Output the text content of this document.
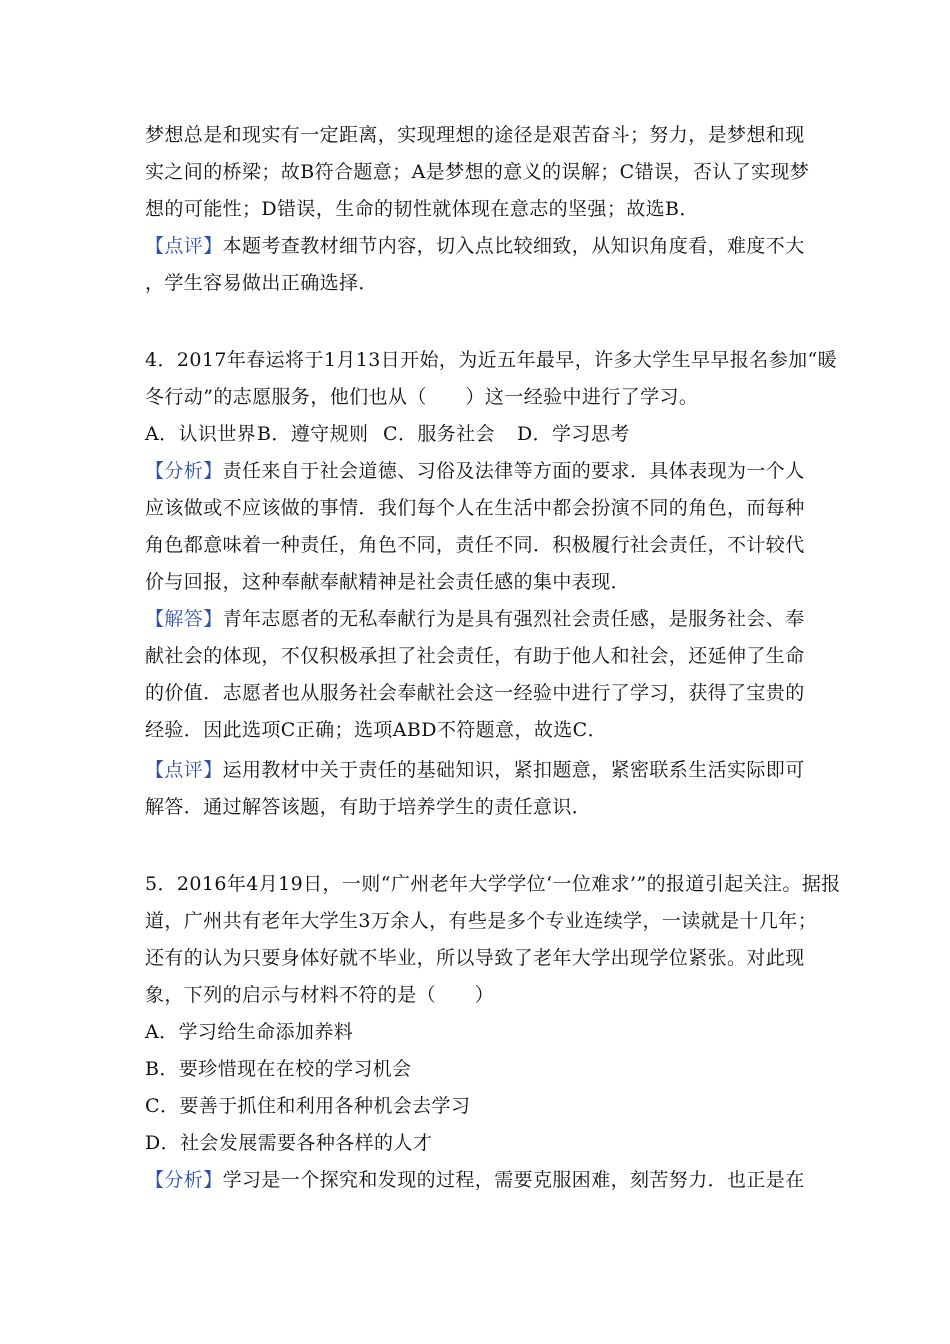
梦想总是和现实有一定距离，实现理想的途径是艰苦奋斗；努力，是梦想和现
实之间的桥梁；故B符合题意；A是梦想的意义的误解；C错误，否认了实现梦
想的可能性；D错误，生命的韧性就体现在意志的坚强；故选B．
【点评】本题考查教材细节内容，切入点比较细致，从知识角度看，难度不大
，学生容易做出正确选择．
4．2017年春运将于1月13日开始，为近五年最早，许多大学生早早报名参加“暖
冬行动”的志愿服务，他们也从（　　）这一经验中进行了学习。
A．认识世界B．遵守规则 C．服务社会 D．学习思考
【分析】责任来自于社会道德、习俗及法律等方面的要求．具体表现为一个人
应该做或不应该做的事情．我们每个人在生活中都会扮演不同的角色，而每种
角色都意味着一种责任，角色不同，责任不同．积极履行社会责任，不计较代
价与回报，这种奉献奉献精神是社会责任感的集中表现．
【解答】青年志愿者的无私奉献行为是具有强烈社会责任感，是服务社会、奉
献社会的体现，不仅积极承担了社会责任，有助于他人和社会，还延伸了生命
的价值．志愿者也从服务社会奉献社会这一经验中进行了学习，获得了宝贵的
经验．因此选项C正确；选项ABD不符题意，故选C．
【点评】运用教材中关于责任的基础知识，紧扣题意，紧密联系生活实际即可
解答．通过解答该题，有助于培养学生的责任意识．
5．2016年4月19日，一则“广州老年大学学位‘一位难求’”的报道引起关注。据报
道，广州共有老年大学生3万余人，有些是多个专业连续学，一读就是十几年；
还有的认为只要身体好就不毕业，所以导致了老年大学出现学位紧张。对此现
象，下列的启示与材料不符的是（　　）
A．学习给生命添加养料
B．要珍惜现在在校的学习机会
C．要善于抓住和利用各种机会去学习
D．社会发展需要各种各样的人才
【分析】学习是一个探究和发现的过程，需要克服困难，刻苦努力．也正是在
